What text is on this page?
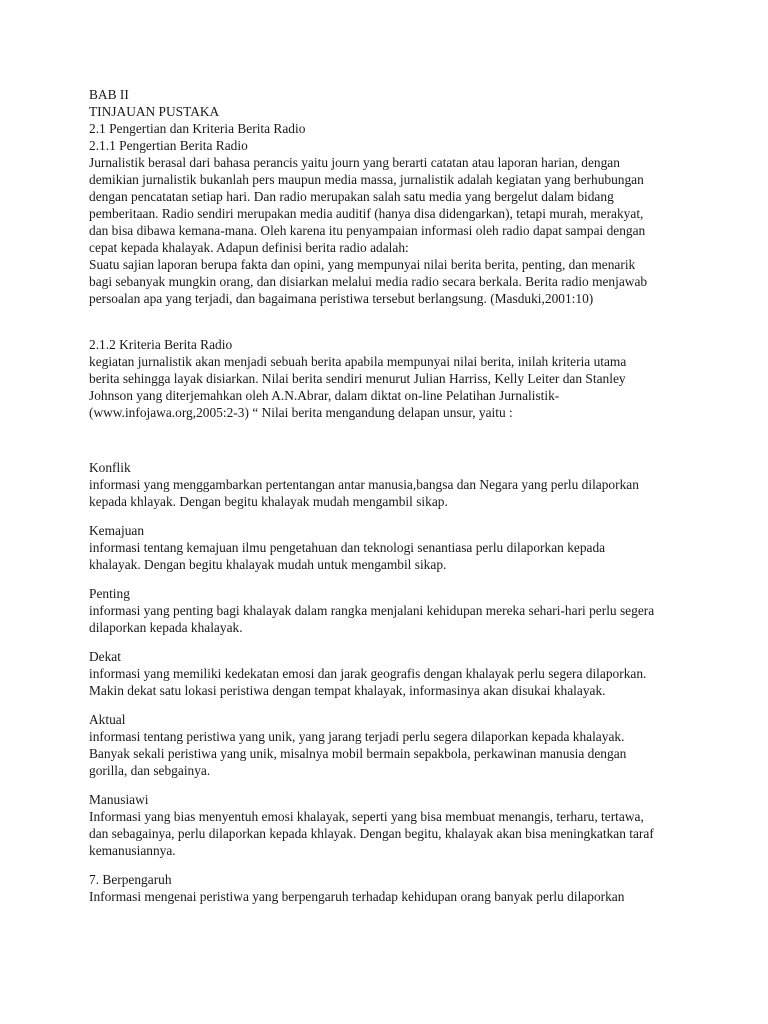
BAB II
TINJAUAN PUSTAKA
2.1 Pengertian dan Kriteria Berita Radio
2.1.1 Pengertian Berita Radio
Jurnalistik berasal dari bahasa perancis yaitu journ yang berarti catatan atau laporan harian, dengan
demikian jurnalistik bukanlah pers maupun media massa, jurnalistik adalah kegiatan yang berhubungan
dengan pencatatan setiap hari. Dan radio merupakan salah satu media yang bergelut dalam bidang
pemberitaan. Radio sendiri merupakan media auditif (hanya disa didengarkan), tetapi murah, merakyat,
dan bisa dibawa kemana-mana. Oleh karena itu penyampaian informasi oleh radio dapat sampai dengan
cepat kepada khalayak. Adapun definisi berita radio adalah:
Suatu sajian laporan berupa fakta dan opini, yang mempunyai nilai berita berita, penting, dan menarik
bagi sebanyak mungkin orang, dan disiarkan melalui media radio secara berkala. Berita radio menjawab
persoalan apa yang terjadi, dan bagaimana peristiwa tersebut berlangsung. (Masduki,2001:10)
2.1.2 Kriteria Berita Radio
kegiatan jurnalistik akan menjadi sebuah berita apabila mempunyai nilai berita, inilah kriteria utama
berita sehingga layak disiarkan. Nilai berita sendiri menurut Julian Harriss, Kelly Leiter dan Stanley
Johnson yang diterjemahkan oleh A.N.Abrar, dalam diktat on-line Pelatihan Jurnalistik-
(www.infojawa.org,2005:2-3) “ Nilai berita mengandung delapan unsur, yaitu :
Konflik
informasi yang menggambarkan pertentangan antar manusia,bangsa dan Negara yang perlu dilaporkan
kepada khlayak. Dengan begitu khalayak mudah mengambil sikap.
Kemajuan
informasi tentang kemajuan ilmu pengetahuan dan teknologi senantiasa perlu dilaporkan kepada
khalayak. Dengan begitu khalayak mudah untuk mengambil sikap.
Penting
informasi yang penting bagi khalayak dalam rangka menjalani kehidupan mereka sehari-hari perlu segera
dilaporkan kepada khalayak.
Dekat
informasi yang memiliki kedekatan emosi dan jarak geografis dengan khalayak perlu segera dilaporkan.
Makin dekat satu lokasi peristiwa dengan tempat khalayak, informasinya akan disukai khalayak.
Aktual
informasi tentang peristiwa yang unik, yang jarang terjadi perlu segera dilaporkan kepada khalayak.
Banyak sekali peristiwa yang unik, misalnya mobil bermain sepakbola, perkawinan manusia dengan
gorilla, dan sebgainya.
Manusiawi
Informasi yang bias menyentuh emosi khalayak, seperti yang bisa membuat menangis, terharu, tertawa,
dan sebagainya, perlu dilaporkan kepada khlayak. Dengan begitu, khalayak akan bisa meningkatkan taraf
kemanusiannya.
7. Berpengaruh
Informasi mengenai peristiwa yang berpengaruh terhadap kehidupan orang banyak perlu dilaporkan
